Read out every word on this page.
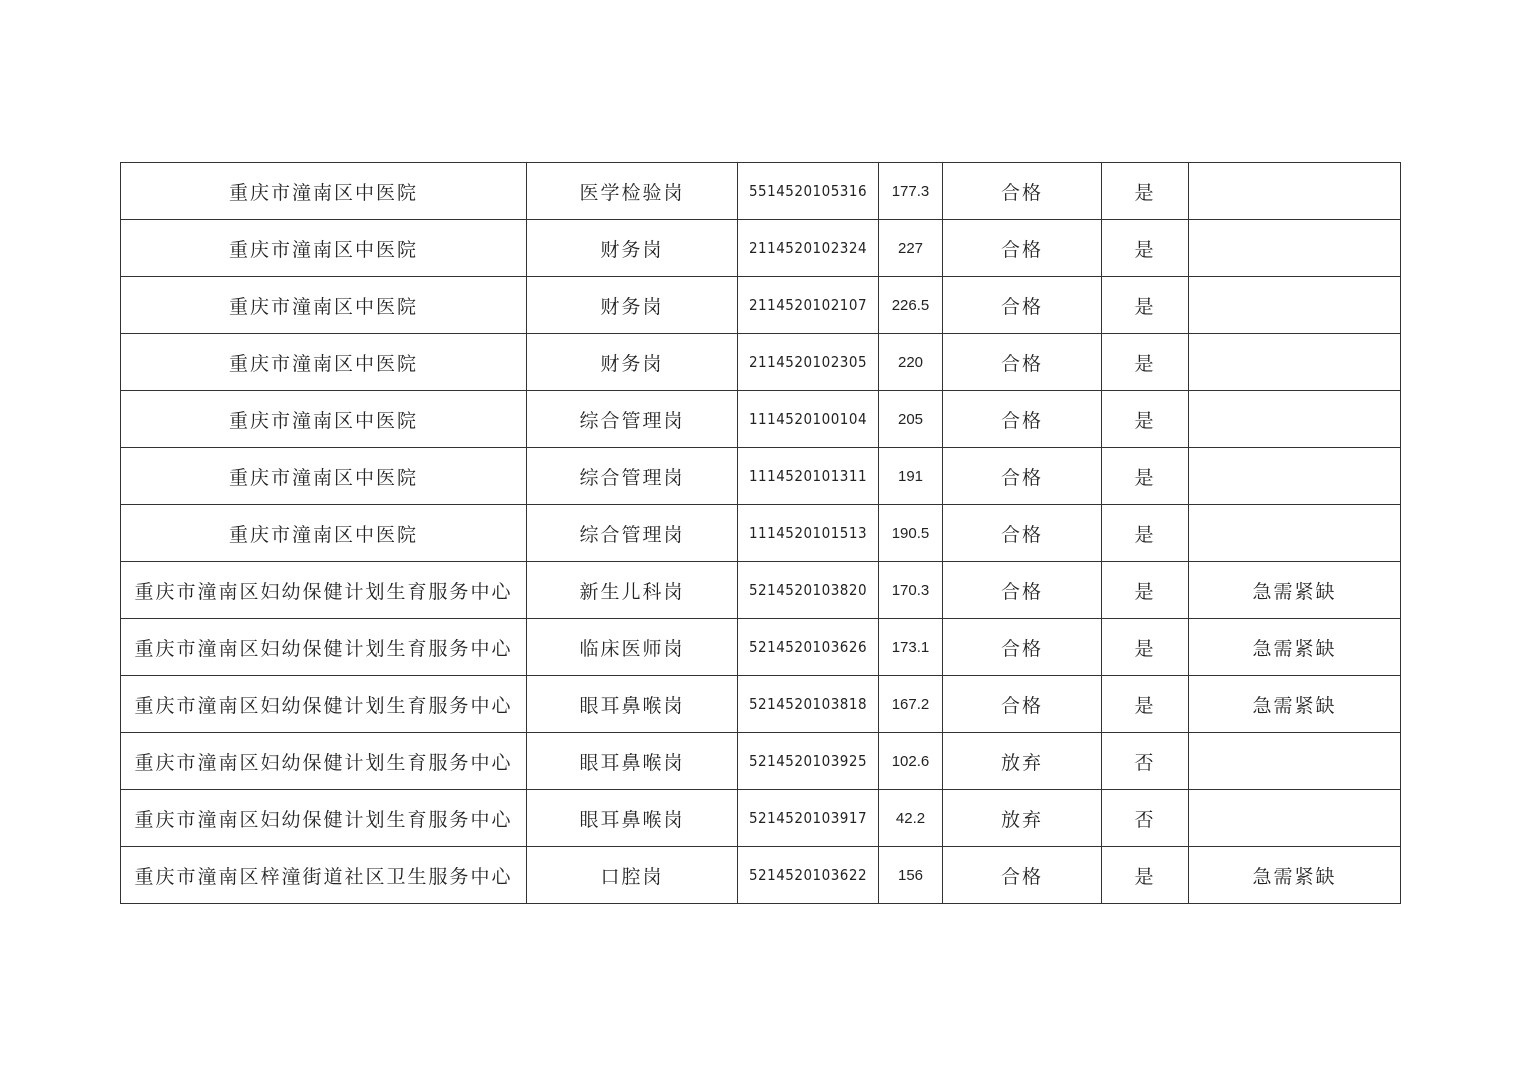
重庆市潼南区中医院	医学检验岗	5514520105316	177.3	合格	是	
重庆市潼南区中医院	财务岗	2114520102324	227	合格	是	
重庆市潼南区中医院	财务岗	2114520102107	226.5	合格	是	
重庆市潼南区中医院	财务岗	2114520102305	220	合格	是	
重庆市潼南区中医院	综合管理岗	1114520100104	205	合格	是	
重庆市潼南区中医院	综合管理岗	1114520101311	191	合格	是	
重庆市潼南区中医院	综合管理岗	1114520101513	190.5	合格	是	
重庆市潼南区妇幼保健计划生育服务中心	新生儿科岗	5214520103820	170.3	合格	是	急需紧缺
重庆市潼南区妇幼保健计划生育服务中心	临床医师岗	5214520103626	173.1	合格	是	急需紧缺
重庆市潼南区妇幼保健计划生育服务中心	眼耳鼻喉岗	5214520103818	167.2	合格	是	急需紧缺
重庆市潼南区妇幼保健计划生育服务中心	眼耳鼻喉岗	5214520103925	102.6	放弃	否	
重庆市潼南区妇幼保健计划生育服务中心	眼耳鼻喉岗	5214520103917	42.2	放弃	否	
重庆市潼南区梓潼街道社区卫生服务中心	口腔岗	5214520103622	156	合格	是	急需紧缺
